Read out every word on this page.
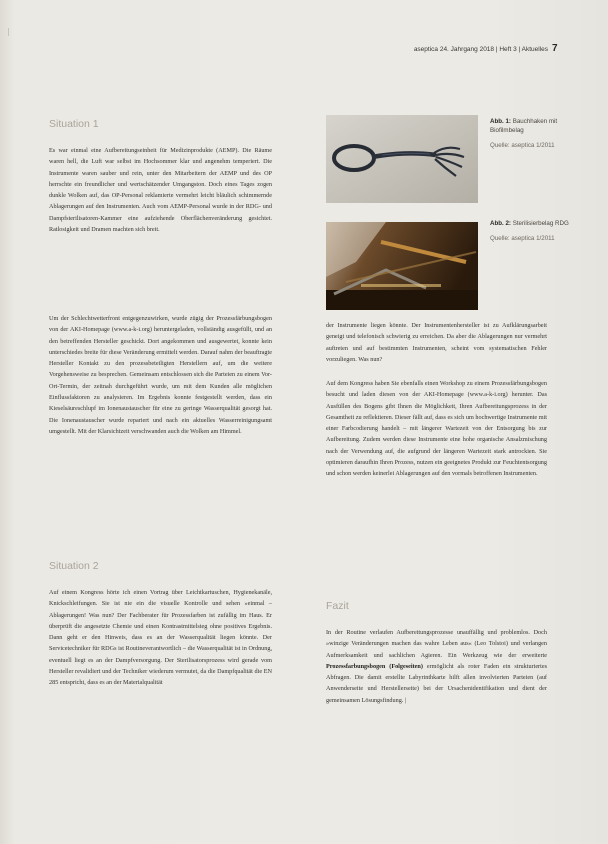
|
aseptica 24. Jahrgang 2018 | Heft 3 | Aktuelles 7
Situation 1

Es war einmal eine Aufbereitungseinheit für Medizinprodukte (AEMP). Die Räume waren hell, die Luft war selbst im Hochsommer klar und angenehm temperiert. Die Instrumente waren sauber und rein, unter den Mitarbeitern der AEMP und des OP herrschte ein freundlicher und wertschätzender Umgangston. Doch eines Tages zogen dunkle Wolken auf, das OP-Personal reklamierte vermehrt leicht bläulich schimmernde Ablagerungen auf den Instrumenten. Auch vom AEMP-Personal wurde in der RDG- und Dampfsterilisatoren-Kammer eine aufziehende Oberflächenveränderung gesichtet. Ratlosigkeit und Dramen machten sich breit.

Um der Schlechtwetterfront entgegenzuwirken, wurde zügig der Prozessfärbungsbogen von der AKI-Homepage (www.a-k-i.org) heruntergeladen, vollständig ausgefüllt, und an den betreffenden Hersteller geschickt. Dort angekommen und ausgewertet, konnte kein unterschiedes breite für diese Veränderung ermittelt werden. Darauf nahm der beauftragte Hersteller Kontakt zu den prozessbeteiligten Herstellern auf, um die weitere Vorgehensweise zu besprechen. Gemeinsam entschlossen sich die Parteien zu einem Vor-Ort-Termin, der zeitnah durchgeführt wurde, um mit dem Kunden alle möglichen Einflussfaktoren zu analysieren. Im Ergebnis konnte festgestellt werden, dass ein Kieselsäureschlupf im Ionenaustauscher für eine zu geringe Wasserqualität gesorgt hat. Die Ionenaustauscher wurde repariert und nach ein aktuelles Wasserreinigungsamt umgestellt. Mit der Klarsichtzeit verschwanden auch die Wolken am Himmel.

Situation 2

Auf einem Kongress hörte ich einen Vortrag über Leichtkartuschen, Hygienekanäle, Knickschleifungen. Sie ist nie ein die visuelle Kontrolle und sehen »einmal – Ablagerungen! Was nun? Der Fachberater für Prozessfarben ist zufällig im Haus. Er überprüft die angesetzte Chemie und einen Kontrastmittelsteg ohne positives Ergebnis. Dann geht er den Hinweis, dass es an der Wasserqualität liegen könnte. Der Servicetechniker für RDGs ist Routineverantwortlich – die Wasserqualität ist in Ordnung, eventuell liegt es an der Dampfversorgung. Der Sterilisatorsprozess wird gerade vom Hersteller revalidiert und der Techniker wiederum vermutet, da die Dampfqualität die EN 285 entspricht, dass es an der Materialqualität

Abb. 1: Bauchhaken mit Biofilmbelag
Quelle: aseptica 1/2011
Abb. 2: Sterilisierbelag RDG
Quelle: aseptica 1/2011

der Instrumente liegen könnte. Der Instrumentenhersteller ist zu Aufklärungsarbeit geneigt und telefonisch schwierig zu erreichen. Da aber die Ablagerungen nur vermehrt auftreten und auf bestimmten Instrumenten, scheint vom systematischen Fehler vorzuliegen. Was nun?

Auf dem Kongress haben Sie ebenfalls einen Workshop zu einem Prozessfärbungsbogen besucht und laden diesen von der AKI-Homepage (www.a-k-i.org) herunter. Das Ausfüllen des Bogens gibt Ihnen die Möglichkeit, Ihren Aufbereitungsprozess in der Gesamtheit zu reflektieren. Dieser fällt auf, dass es sich um hochwertige Instrumente mit einer Farbcodierung handelt – mit längerer Wartezeit von der Entsorgung bis zur Aufbereitung. Zudem werden diese Instrumente eine hohe organische Ansalzmischung nach der Verwendung auf, die aufgrund der längeren Wartezeit stark antrockien. Sie optimieren daraufhin Ihren Prozess, nutzen ein geeignetes Produkt zur Feuchtentsorgung und schon werden keinerlei Ablagerungen auf den vormals betroffenen Instrumenten.

Fazit

In der Routine verlaufen Aufbereitungsprozesse unauffällig und problemlos. Doch »winzige Veränderungen machen das wahre Leben aus« (Leo Tolstoi) und verlangen Aufmerksamkeit und sachlichen Agieren. Ein Werkzeug wie der erweiterte Prozessfarbungsbogen (Folgeseiten) ermöglicht als roter Faden ein strukturiertes Abfragen. Die damit erstellte Labyrinthkarte hilft allen involvierten Parteien (auf Anwenderseite und Herstellerseite) bei der Ursachenidentifikation und dient der gemeinsamen Lösungsfindung. |
